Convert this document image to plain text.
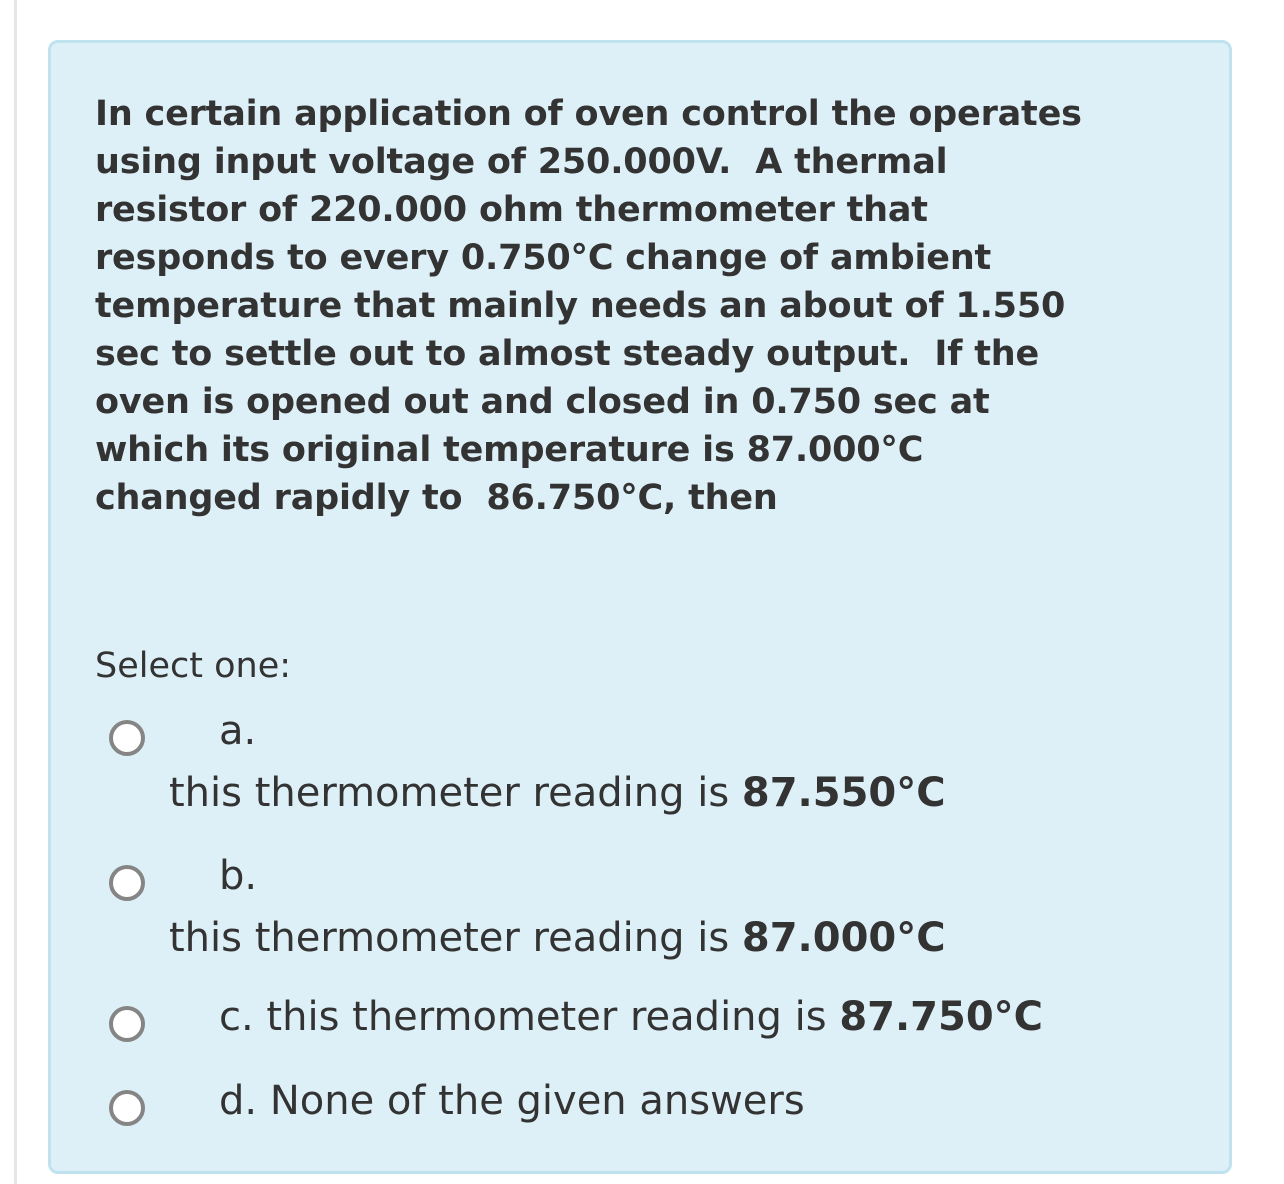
In certain application of oven control the operates
using input voltage of 250.000V.  A thermal
resistor of 220.000 ohm thermometer that
responds to every 0.750°C change of ambient
temperature that mainly needs an about of 1.550
sec to settle out to almost steady output.  If the
oven is opened out and closed in 0.750 sec at
which its original temperature is 87.000°C
changed rapidly to  86.750°C, then

Select one:
a.
this thermometer reading is 87.550°C
b.
this thermometer reading is 87.000°C
c. this thermometer reading is 87.750°C
d. None of the given answers
